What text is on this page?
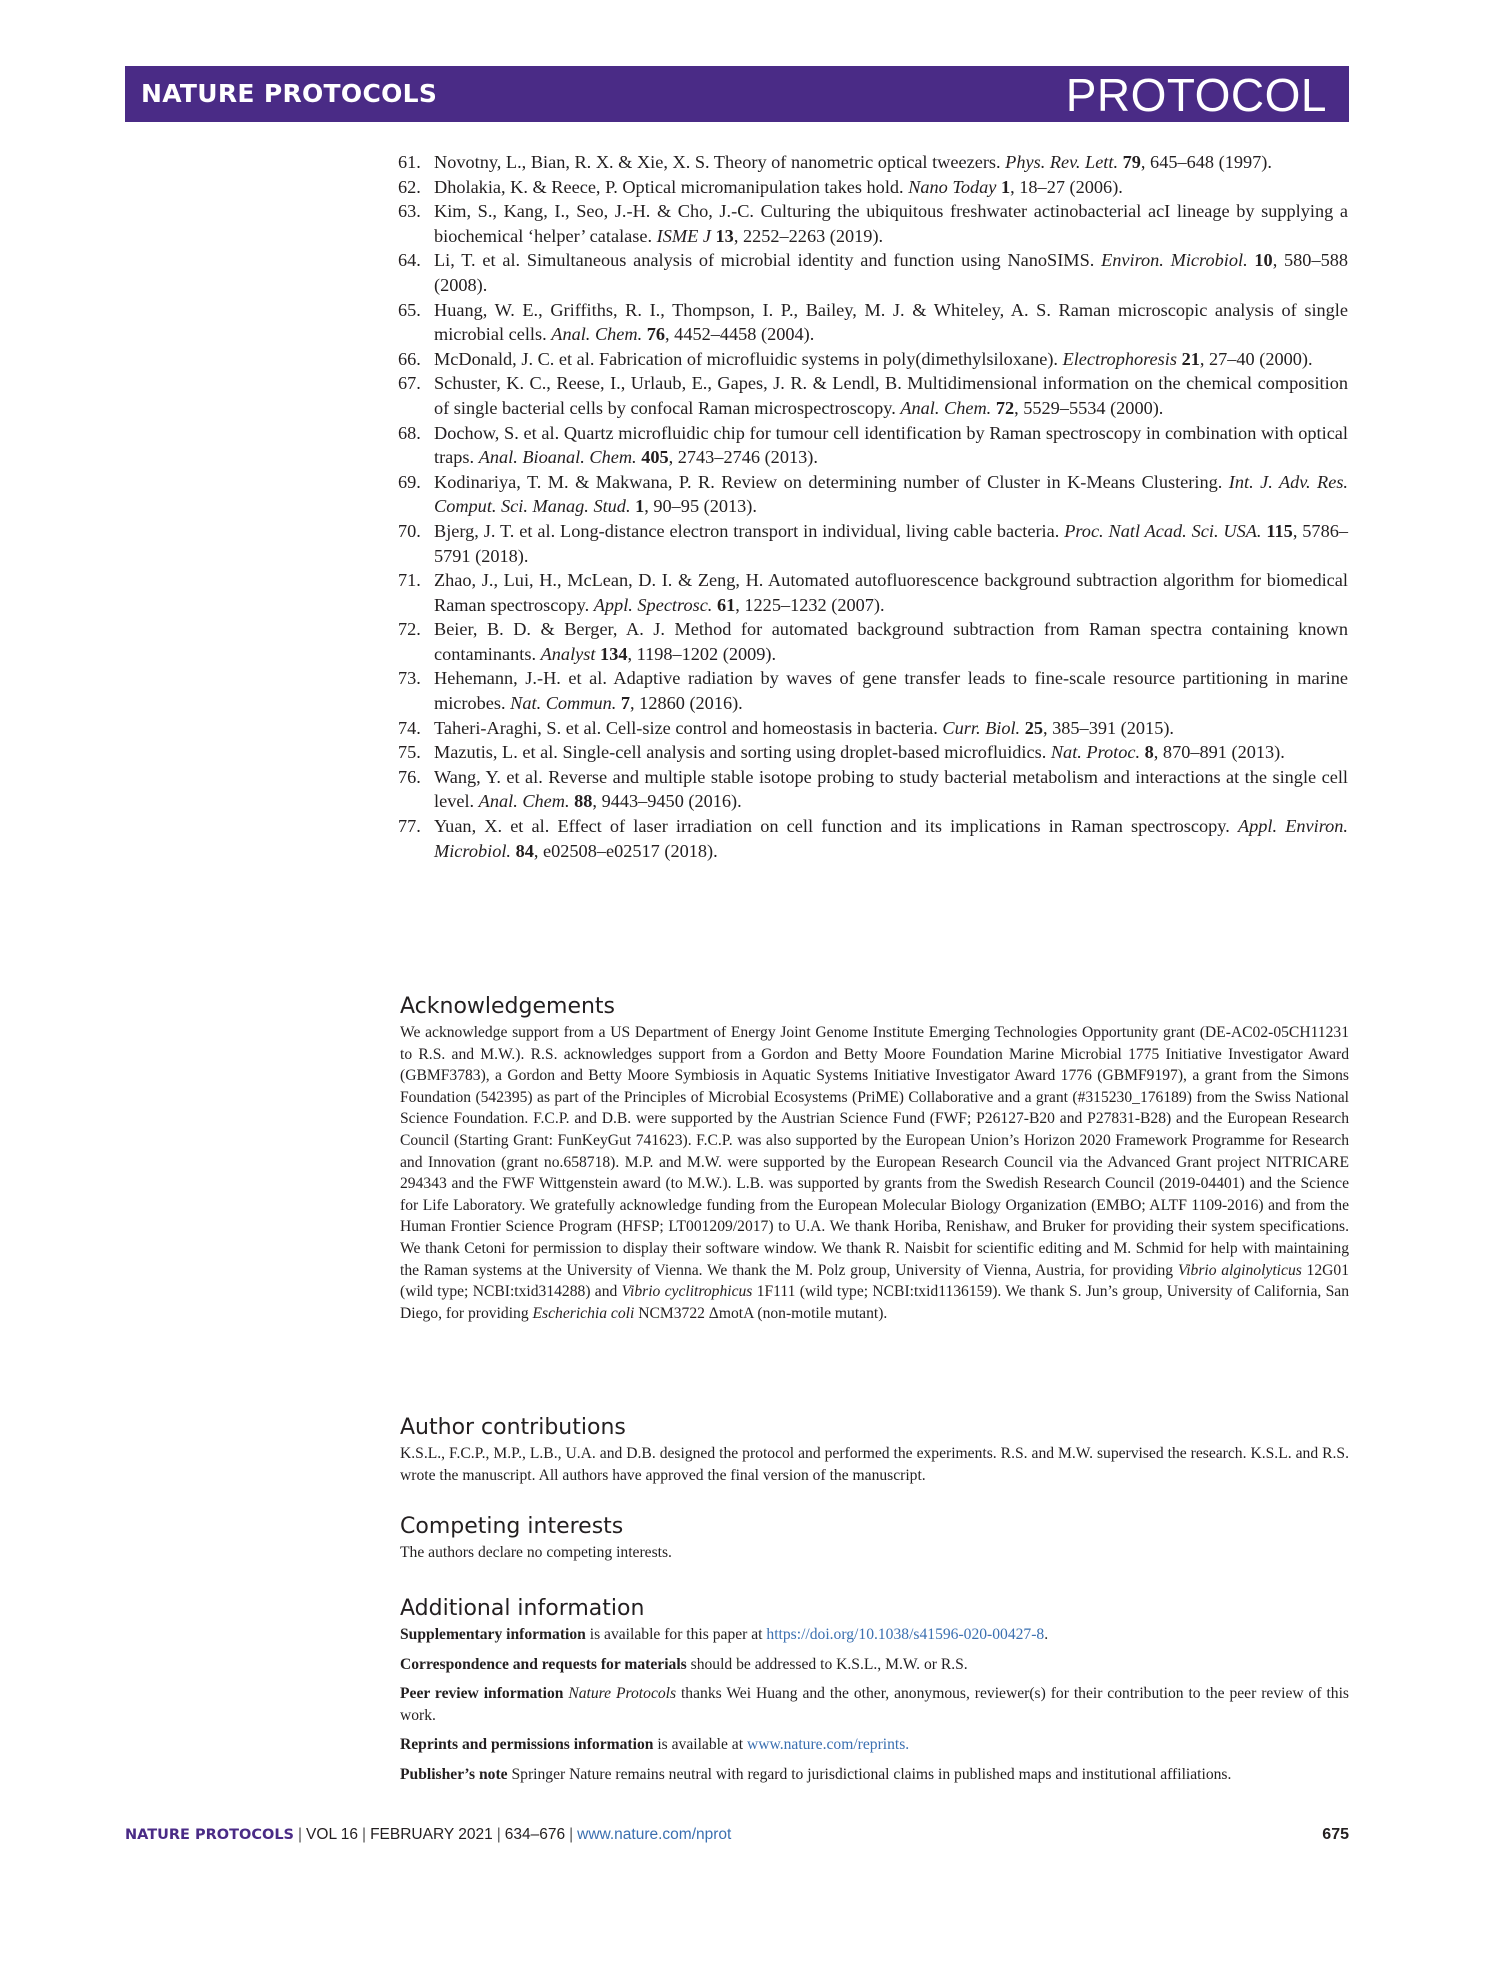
NATURE PROTOCOLS	PROTOCOL
61. Novotny, L., Bian, R. X. & Xie, X. S. Theory of nanometric optical tweezers. Phys. Rev. Lett. 79, 645–648 (1997).
62. Dholakia, K. & Reece, P. Optical micromanipulation takes hold. Nano Today 1, 18–27 (2006).
63. Kim, S., Kang, I., Seo, J.-H. & Cho, J.-C. Culturing the ubiquitous freshwater actinobacterial acI lineage by supplying a biochemical ‘helper’ catalase. ISME J 13, 2252–2263 (2019).
64. Li, T. et al. Simultaneous analysis of microbial identity and function using NanoSIMS. Environ. Microbiol. 10, 580–588 (2008).
65. Huang, W. E., Griffiths, R. I., Thompson, I. P., Bailey, M. J. & Whiteley, A. S. Raman microscopic analysis of single microbial cells. Anal. Chem. 76, 4452–4458 (2004).
66. McDonald, J. C. et al. Fabrication of microfluidic systems in poly(dimethylsiloxane). Electrophoresis 21, 27–40 (2000).
67. Schuster, K. C., Reese, I., Urlaub, E., Gapes, J. R. & Lendl, B. Multidimensional information on the chemical composition of single bacterial cells by confocal Raman microspectroscopy. Anal. Chem. 72, 5529–5534 (2000).
68. Dochow, S. et al. Quartz microfluidic chip for tumour cell identification by Raman spectroscopy in combination with optical traps. Anal. Bioanal. Chem. 405, 2743–2746 (2013).
69. Kodinariya, T. M. & Makwana, P. R. Review on determining number of Cluster in K-Means Clustering. Int. J. Adv. Res. Comput. Sci. Manag. Stud. 1, 90–95 (2013).
70. Bjerg, J. T. et al. Long-distance electron transport in individual, living cable bacteria. Proc. Natl Acad. Sci. USA. 115, 5786–5791 (2018).
71. Zhao, J., Lui, H., McLean, D. I. & Zeng, H. Automated autofluorescence background subtraction algorithm for biomedical Raman spectroscopy. Appl. Spectrosc. 61, 1225–1232 (2007).
72. Beier, B. D. & Berger, A. J. Method for automated background subtraction from Raman spectra containing known contaminants. Analyst 134, 1198–1202 (2009).
73. Hehemann, J.-H. et al. Adaptive radiation by waves of gene transfer leads to fine-scale resource partitioning in marine microbes. Nat. Commun. 7, 12860 (2016).
74. Taheri-Araghi, S. et al. Cell-size control and homeostasis in bacteria. Curr. Biol. 25, 385–391 (2015).
75. Mazutis, L. et al. Single-cell analysis and sorting using droplet-based microfluidics. Nat. Protoc. 8, 870–891 (2013).
76. Wang, Y. et al. Reverse and multiple stable isotope probing to study bacterial metabolism and interactions at the single cell level. Anal. Chem. 88, 9443–9450 (2016).
77. Yuan, X. et al. Effect of laser irradiation on cell function and its implications in Raman spectroscopy. Appl. Environ. Microbiol. 84, e02508–e02517 (2018).
Acknowledgements

We acknowledge support from a US Department of Energy Joint Genome Institute Emerging Technologies Opportunity grant (DE-AC02-05CH11231 to R.S. and M.W.). R.S. acknowledges support from a Gordon and Betty Moore Foundation Marine Microbial 1775 Initiative Investigator Award (GBMF3783), a Gordon and Betty Moore Symbiosis in Aquatic Systems Initiative Investigator Award 1776 (GBMF9197), a grant from the Simons Foundation (542395) as part of the Principles of Microbial Ecosystems (PriME) Collaborative and a grant (#315230_176189) from the Swiss National Science Foundation. F.C.P. and D.B. were supported by the Austrian Science Fund (FWF; P26127-B20 and P27831-B28) and the European Research Council (Starting Grant: FunKeyGut 741623). F.C.P. was also supported by the European Union’s Horizon 2020 Framework Programme for Research and Innovation (grant no.658718). M.P. and M.W. were supported by the European Research Council via the Advanced Grant project NITRICARE 294343 and the FWF Wittgenstein award (to M.W.). L.B. was supported by grants from the Swedish Research Council (2019-04401) and the Science for Life Laboratory. We gratefully acknowledge funding from the European Molecular Biology Organization (EMBO; ALTF 1109-2016) and from the Human Frontier Science Program (HFSP; LT001209/2017) to U.A. We thank Horiba, Renishaw, and Bruker for providing their system specifications. We thank Cetoni for permission to display their software window. We thank R. Naisbit for scientific editing and M. Schmid for help with maintaining the Raman systems at the University of Vienna. We thank the M. Polz group, University of Vienna, Austria, for providing Vibrio alginolyticus 12G01 (wild type; NCBI:txid314288) and Vibrio cyclitrophicus 1F111 (wild type; NCBI:txid1136159). We thank S. Jun’s group, University of California, San Diego, for providing Escherichia coli NCM3722 ΔmotA (non-motile mutant).

Author contributions

K.S.L., F.C.P., M.P., L.B., U.A. and D.B. designed the protocol and performed the experiments. R.S. and M.W. supervised the research. K.S.L. and R.S. wrote the manuscript. All authors have approved the final version of the manuscript.

Competing interests

The authors declare no competing interests.

Additional information

Supplementary information is available for this paper at https://doi.org/10.1038/s41596-020-00427-8.

Correspondence and requests for materials should be addressed to K.S.L., M.W. or R.S.

Peer review information Nature Protocols thanks Wei Huang and the other, anonymous, reviewer(s) for their contribution to the peer review of this work.

Reprints and permissions information is available at www.nature.com/reprints.

Publisher’s note Springer Nature remains neutral with regard to jurisdictional claims in published maps and institutional affiliations.

NATURE PROTOCOLS | VOL 16 | FEBRUARY 2021 | 634–676 | www.nature.com/nprot	675
